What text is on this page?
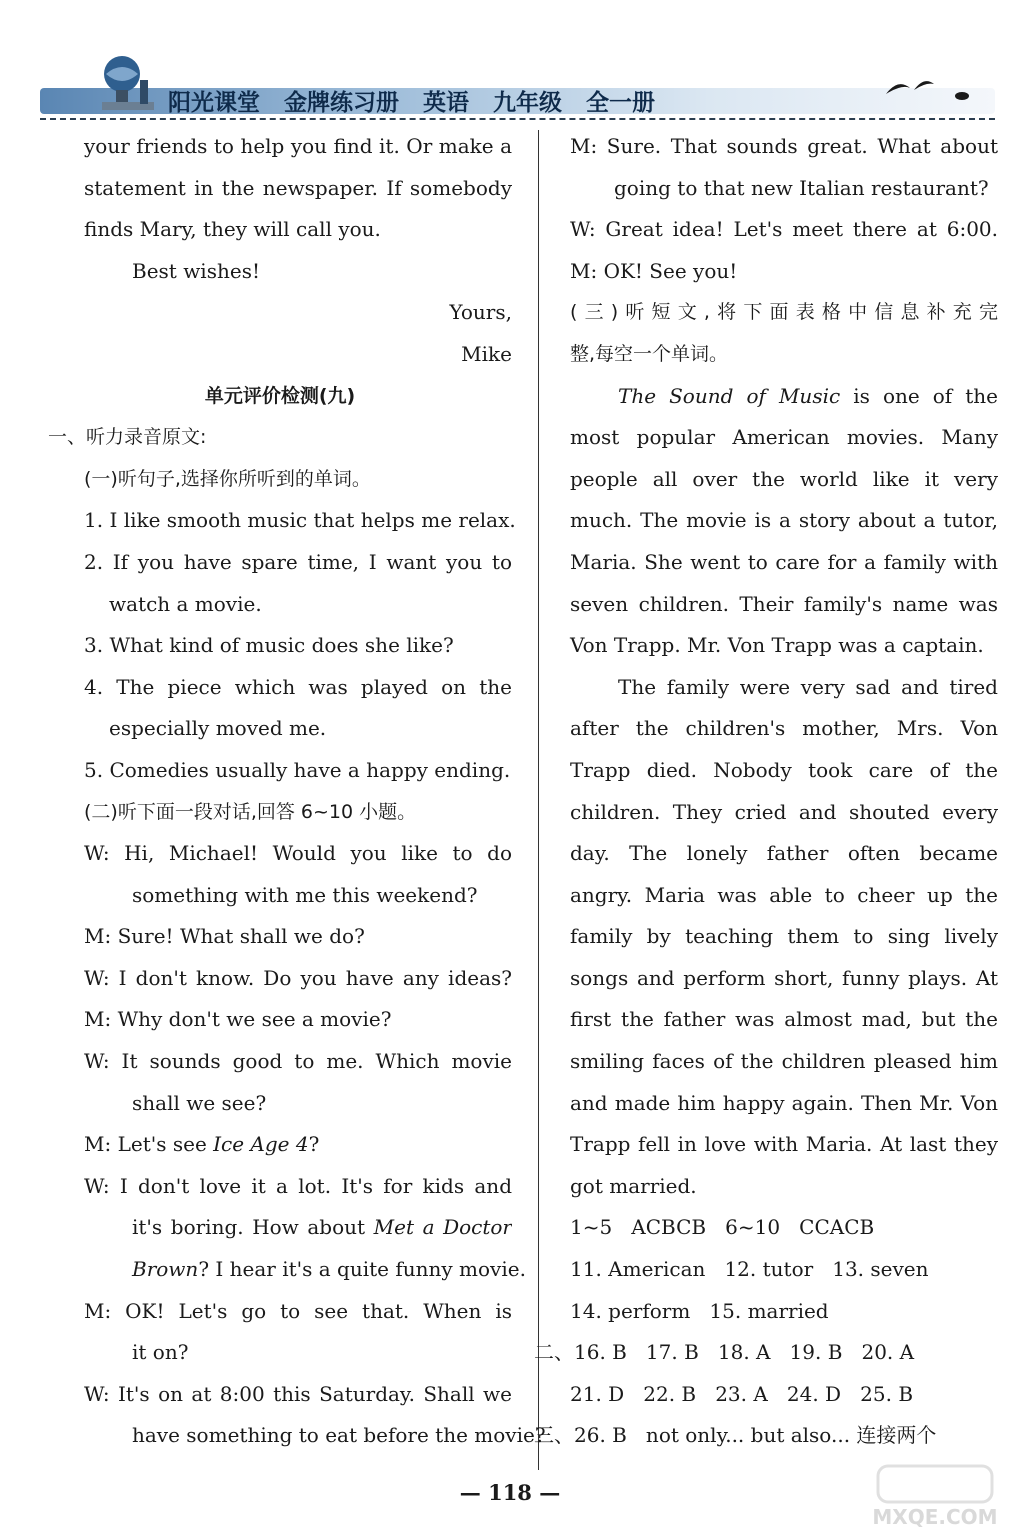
阳光课堂 金牌练习册 英语 九年级 全一册
your friends to help you find it. Or make a
statement in the newspaper. If somebody
finds Mary, they will call you.
Best wishes!
Yours,
Mike
单元评价检测(九)
一、听力录音原文:
(一)听句子,选择你所听到的单词。
1. I like smooth music that helps me relax.
2. If you have spare time, I want you to
watch a movie.
3. What kind of music does she like?
4. The piece which was played on the
especially moved me.
5. Comedies usually have a happy ending.
(二)听下面一段对话,回答 6~10 小题。
W: Hi, Michael! Would you like to do
something with me this weekend?
M: Sure! What shall we do?
W: I don't know. Do you have any ideas?
M: Why don't we see a movie?
W: It sounds good to me. Which movie
shall we see?
M: Let's see Ice Age 4?
W: I don't love it a lot. It's for kids and
it's boring. How about Met a Doctor
Brown? I hear it's a quite funny movie.
M: OK! Let's go to see that. When is
it on?
W: It's on at 8:00 this Saturday. Shall we
have something to eat before the movie?
M: Sure. That sounds great. What about
going to that new Italian restaurant?
W: Great idea! Let's meet there at 6:00.
M: OK! See you!
(三)听短文,将下面表格中信息补充完
整,每空一个单词。
The Sound of Music is one of the
most popular American movies. Many
people all over the world like it very
much. The movie is a story about a tutor,
Maria. She went to care for a family with
seven children. Their family's name was
Von Trapp. Mr. Von Trapp was a captain.
The family were very sad and tired
after the children's mother, Mrs. Von
Trapp died. Nobody took care of the
children. They cried and shouted every
day. The lonely father often became
angry. Maria was able to cheer up the
family by teaching them to sing lively
songs and perform short, funny plays. At
first the father was almost mad, but the
smiling faces of the children pleased him
and made him happy again. Then Mr. Von
Trapp fell in love with Maria. At last they
got married.
1~5   ACBCB   6~10   CCACB
11. American   12. tutor   13. seven
14. perform   15. married
二、16. B   17. B   18. A   19. B   20. A
21. D   22. B   23. A   24. D   25. B
三、26. B   not only... but also... 连接两个
— 118 —
MXQE.COM
